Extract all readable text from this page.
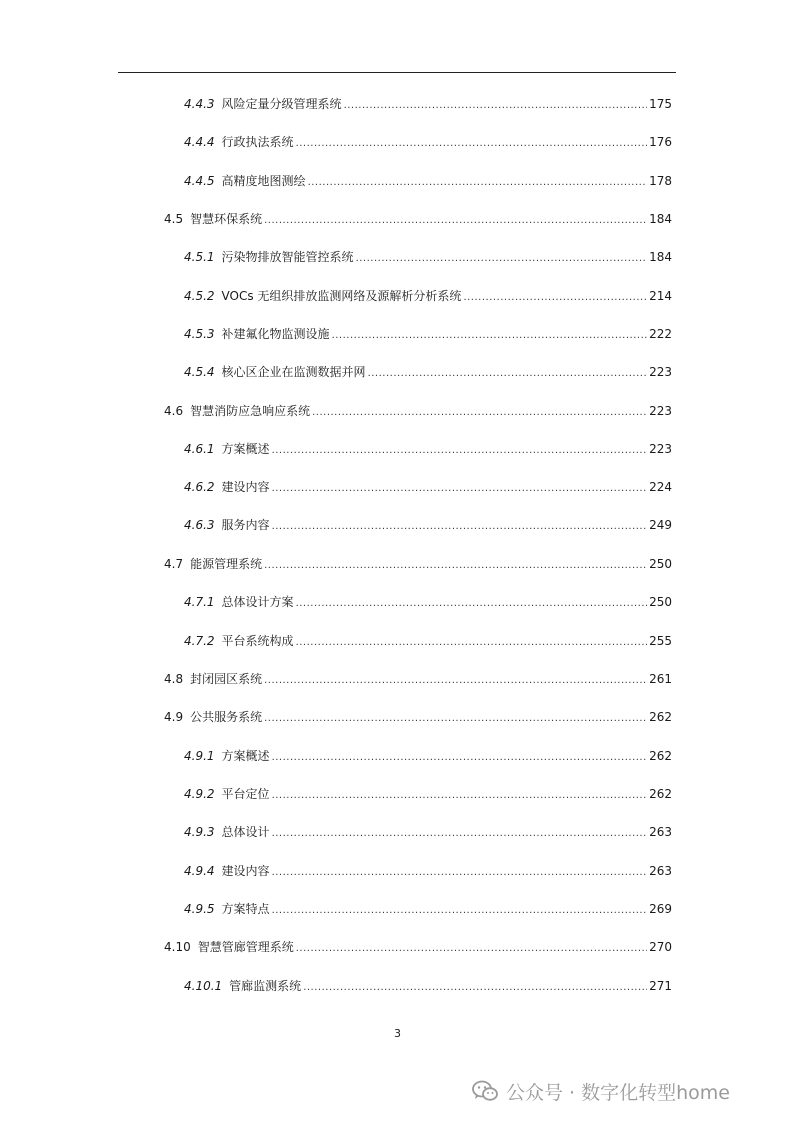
4.4.3 风险定量分级管理系统 .....	175
4.4.4 行政执法系统 .....	176
4.4.5 高精度地图测绘 .....	178
4.5 智慧环保系统 .....	184
4.5.1 污染物排放智能管控系统 .....	184
4.5.2 VOCs 无组织排放监测网络及源解析分析系统 .....	214
4.5.3 补建氟化物监测设施 .....	222
4.5.4 核心区企业在监测数据并网 .....	223
4.6 智慧消防应急响应系统 .....	223
4.6.1 方案概述 .....	223
4.6.2 建设内容 .....	224
4.6.3 服务内容 .....	249
4.7 能源管理系统 .....	250
4.7.1 总体设计方案 .....	250
4.7.2 平台系统构成 .....	255
4.8 封闭园区系统 .....	261
4.9 公共服务系统 .....	262
4.9.1 方案概述 .....	262
4.9.2 平台定位 .....	262
4.9.3 总体设计 .....	263
4.9.4 建设内容 .....	263
4.9.5 方案特点 .....	269
4.10 智慧管廊管理系统 .....	270
4.10.1 管廊监测系统 .....	271
3
公众号 · 数字化转型home
